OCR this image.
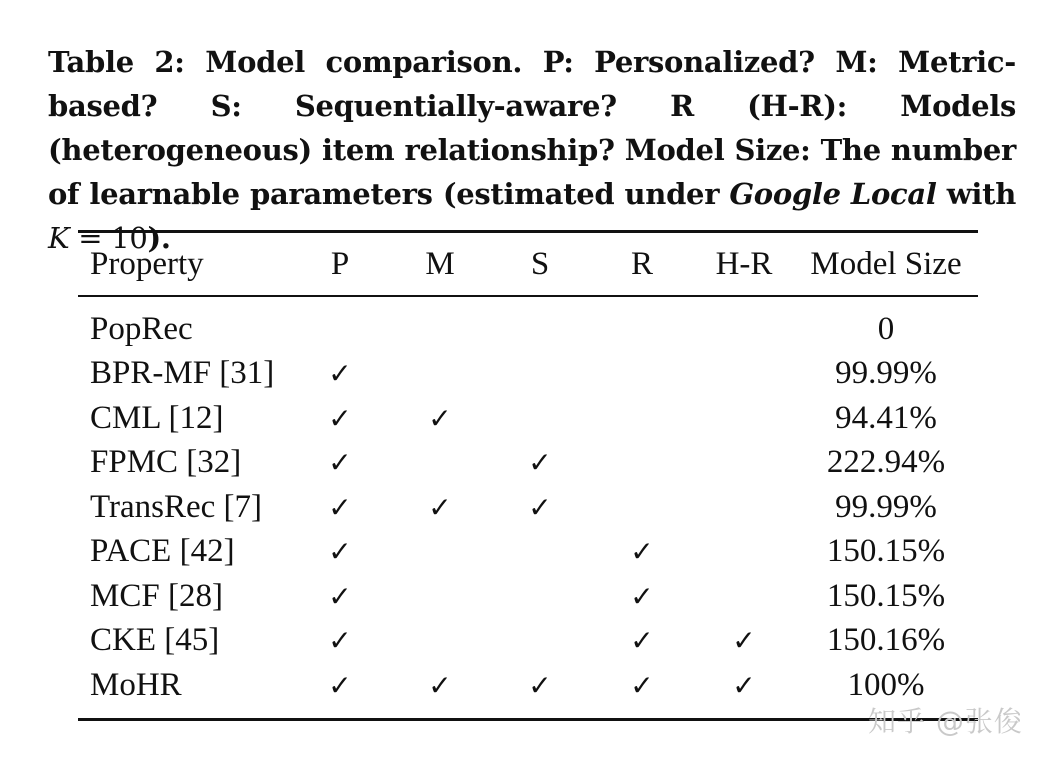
Table 2: Model comparison. P: Personalized? M: Metric-based? S: Sequentially-aware? R (H-R): Models (heterogeneous) item relationship? Model Size: The number of learnable parameters (estimated under Google Local with K = 10).
Property	P	M	S	R	H-R	Model Size
PopRec						0
BPR-MF [31]	✓					99.99%
CML [12]	✓	✓				94.41%
FPMC [32]	✓		✓			222.94%
TransRec [7]	✓	✓	✓			99.99%
PACE [42]	✓			✓		150.15%
MCF [28]	✓			✓		150.15%
CKE [45]	✓			✓	✓	150.16%
MoHR	✓	✓	✓	✓	✓	100%
知乎 @张俊
